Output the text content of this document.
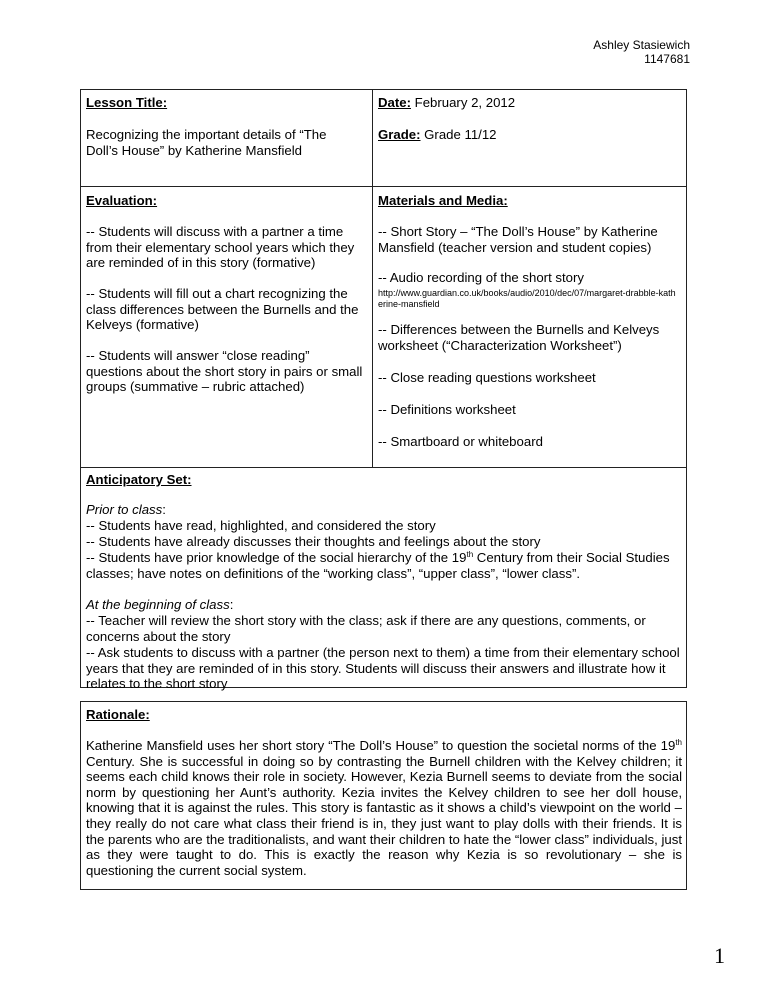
Ashley Stasiewich
1147681
Lesson Title:
Recognizing the important details of “The Doll’s House” by Katherine Mansfield
Date: February 2, 2012
Grade: Grade 11/12
Evaluation:
-- Students will discuss with a partner a time from their elementary school years which they are reminded of in this story (formative)
-- Students will fill out a chart recognizing the class differences between the Burnells and the Kelveys (formative)
-- Students will answer “close reading” questions about the short story in pairs or small groups (summative – rubric attached)
Materials and Media:
-- Short Story – “The Doll’s House” by Katherine Mansfield (teacher version and student copies)
-- Audio recording of the short story
http://www.guardian.co.uk/books/audio/2010/dec/07/margaret-drabble-katherine-mansfield
-- Differences between the Burnells and Kelveys worksheet (“Characterization Worksheet”)
-- Close reading questions worksheet
-- Definitions worksheet
-- Smartboard or whiteboard
Anticipatory Set:
Prior to class:
-- Students have read, highlighted, and considered the story
-- Students have already discusses their thoughts and feelings about the story
-- Students have prior knowledge of the social hierarchy of the 19th Century from their Social Studies classes; have notes on definitions of the “working class”, “upper class”, “lower class”.
At the beginning of class:
-- Teacher will review the short story with the class; ask if there are any questions, comments, or concerns about the story
-- Ask students to discuss with a partner (the person next to them) a time from their elementary school years that they are reminded of in this story. Students will discuss their answers and illustrate how it relates to the short story
Rationale:
Katherine Mansfield uses her short story “The Doll’s House” to question the societal norms of the 19th Century. She is successful in doing so by contrasting the Burnell children with the Kelvey children; it seems each child knows their role in society. However, Kezia Burnell seems to deviate from the social norm by questioning her Aunt’s authority. Kezia invites the Kelvey children to see her doll house, knowing that it is against the rules. This story is fantastic as it shows a child’s viewpoint on the world – they really do not care what class their friend is in, they just want to play dolls with their friends. It is the parents who are the traditionalists, and want their children to hate the “lower class” individuals, just as they were taught to do. This is exactly the reason why Kezia is so revolutionary – she is questioning the current social system.
1
